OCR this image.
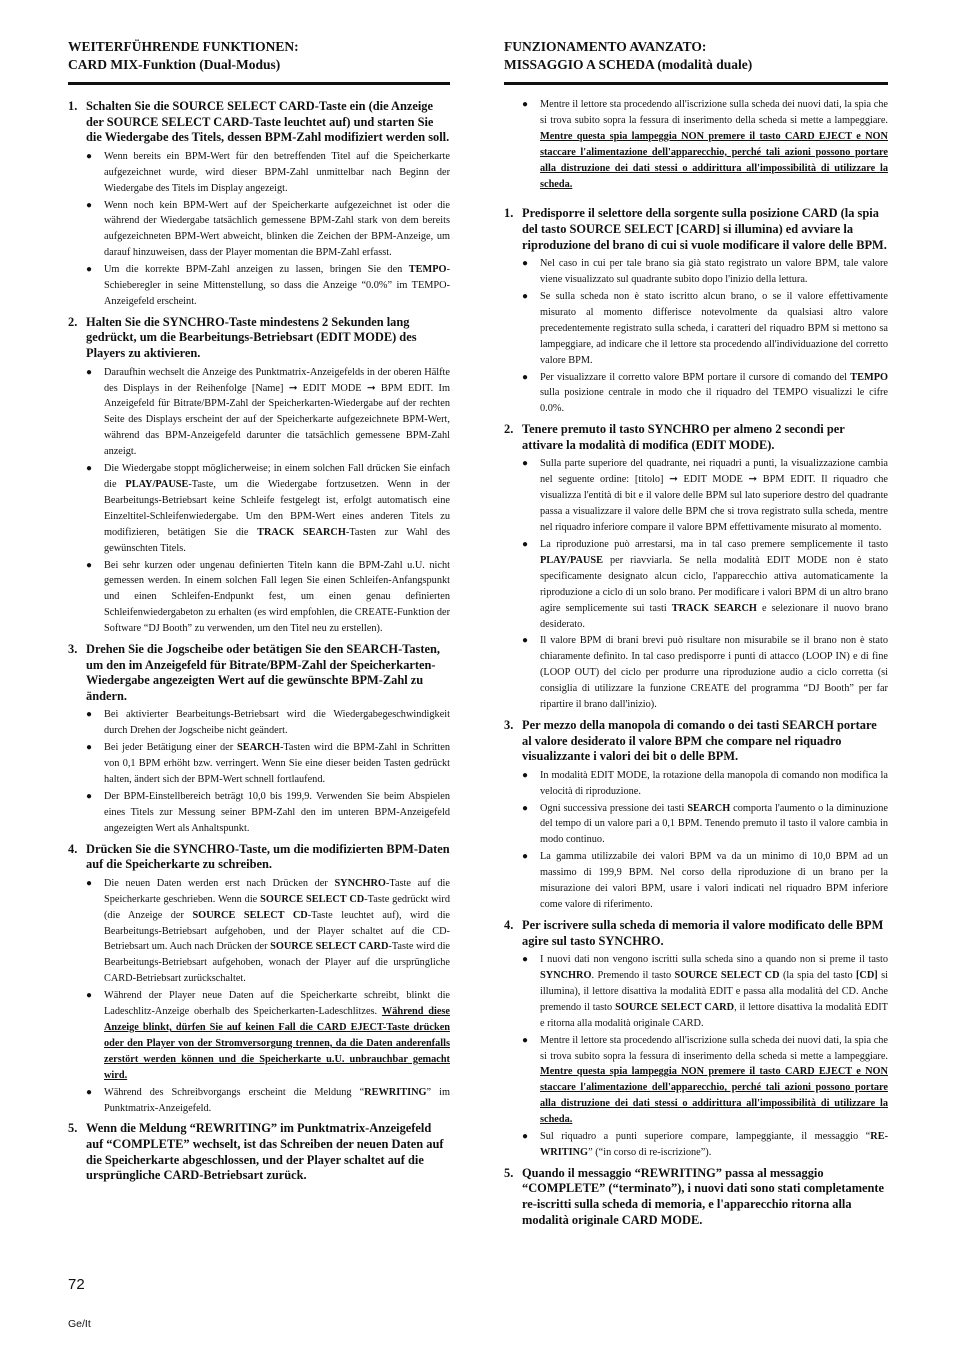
WEITERFÜHRENDE FUNKTIONEN:
CARD MIX-Funktion (Dual-Modus)
1. Schalten Sie die SOURCE SELECT CARD-Taste ein (die Anzeige der SOURCE SELECT CARD-Taste leuchtet auf) und starten Sie die Wiedergabe des Titels, dessen BPM-Zahl modifiziert werden soll.
●	Wenn bereits ein BPM-Wert für den betreffenden Titel auf die Speicherkarte aufgezeichnet wurde, wird dieser BPM-Zahl unmittelbar nach Beginn der Wiedergabe des Titels im Display angezeigt.
●	Wenn noch kein BPM-Wert auf der Speicherkarte aufgezeichnet ist oder die während der Wiedergabe tatsächlich gemessene BPM-Zahl stark von dem bereits aufgezeichneten BPM-Wert abweicht, blinken die Zeichen der BPM-Anzeige, um darauf hinzuweisen, dass der Player momentan die BPM-Zahl erfasst.
●	Um die korrekte BPM-Zahl anzeigen zu lassen, bringen Sie den TEMPO-Schieberegler in seine Mittenstellung, so dass die Anzeige “0.0%” im TEMPO-Anzeigefeld erscheint.
2. Halten Sie die SYNCHRO-Taste mindestens 2 Sekunden lang gedrückt, um die Bearbeitungs-Betriebsart (EDIT MODE) des Players zu aktivieren.
●	Daraufhin wechselt die Anzeige des Punktmatrix-Anzeigefelds in der oberen Hälfte des Displays in der Reihenfolge [Name] ➞ EDIT MODE ➞ BPM EDIT. Im Anzeigefeld für Bitrate/BPM-Zahl der Speicherkarten-Wiedergabe auf der rechten Seite des Displays erscheint der auf der Speicherkarte aufgezeichnete BPM-Wert, während das BPM-Anzeigefeld darunter die tatsächlich gemessene BPM-Zahl anzeigt.
●	Die Wiedergabe stoppt möglicherweise; in einem solchen Fall drücken Sie einfach die PLAY/PAUSE-Taste, um die Wiedergabe fortzusetzen. Wenn in der Bearbeitungs-Betriebsart keine Schleife festgelegt ist, erfolgt automatisch eine Einzeltitel-Schleifenwiedergabe. Um den BPM-Wert eines anderen Titels zu modifizieren, betätigen Sie die TRACK SEARCH-Tasten zur Wahl des gewünschten Titels.
●	Bei sehr kurzen oder ungenau definierten Titeln kann die BPM-Zahl u.U. nicht gemessen werden. In einem solchen Fall legen Sie einen Schleifen-Anfangspunkt und einen Schleifen-Endpunkt fest, um einen genau definierten Schleifenwiedergabeton zu erhalten (es wird empfohlen, die CREATE-Funktion der Software “DJ Booth” zu verwenden, um den Titel neu zu erstellen).
3. Drehen Sie die Jogscheibe oder betätigen Sie den SEARCH-Tasten, um den im Anzeigefeld für Bitrate/BPM-Zahl der Speicherkarten-Wiedergabe angezeigten Wert auf die gewünschte BPM-Zahl zu ändern.
●	Bei aktivierter Bearbeitungs-Betriebsart wird die Wiedergabegeschwindigkeit durch Drehen der Jogscheibe nicht geändert.
●	Bei jeder Betätigung einer der SEARCH-Tasten wird die BPM-Zahl in Schritten von 0,1 BPM erhöht bzw. verringert. Wenn Sie eine dieser beiden Tasten gedrückt halten, ändert sich der BPM-Wert schnell fortlaufend.
●	Der BPM-Einstellbereich beträgt 10,0 bis 199,9. Verwenden Sie beim Abspielen eines Titels zur Messung seiner BPM-Zahl den im unteren BPM-Anzeigefeld angezeigten Wert als Anhaltspunkt.
4. Drücken Sie die SYNCHRO-Taste, um die modifizierten BPM-Daten auf die Speicherkarte zu schreiben.
●	Die neuen Daten werden erst nach Drücken der SYNCHRO-Taste auf die Speicherkarte geschrieben. Wenn die SOURCE SELECT CD-Taste gedrückt wird (die Anzeige der SOURCE SELECT CD-Taste leuchtet auf), wird die Bearbeitungs-Betriebsart aufgehoben, und der Player schaltet auf die CD-Betriebsart um. Auch nach Drücken der SOURCE SELECT CARD-Taste wird die Bearbeitungs-Betriebsart aufgehoben, wonach der Player auf die ursprüngliche CARD-Betriebsart zurückschaltet.
●	Während der Player neue Daten auf die Speicherkarte schreibt, blinkt die Ladeschlitz-Anzeige oberhalb des Speicherkarten-Ladeschlitzes. Während diese Anzeige blinkt, dürfen Sie auf keinen Fall die CARD EJECT-Taste drücken oder den Player von der Stromversorgung trennen, da die Daten anderenfalls zerstört werden können und die Speicherkarte u.U. unbrauchbar gemacht wird.
●	Während des Schreibvorgangs erscheint die Meldung “REWRITING” im Punktmatrix-Anzeigefeld.
5. Wenn die Meldung “REWRITING” im Punktmatrix-Anzeigefeld auf “COMPLETE” wechselt, ist das Schreiben der neuen Daten auf die Speicherkarte abgeschlossen, und der Player schaltet auf die ursprüngliche CARD-Betriebsart zurück.
FUNZIONAMENTO AVANZATO:
MISSAGGIO A SCHEDA (modalità duale)
●	Mentre il lettore sta procedendo all'iscrizione sulla scheda dei nuovi dati, la spia che si trova subito sopra la fessura di inserimento della scheda si mette a lampeggiare. Mentre questa spia lampeggia NON premere il tasto CARD EJECT e NON staccare l'alimentazione dell'apparecchio, perché tali azioni possono portare alla distruzione dei dati stessi o addirittura all'impossibilità di utilizzare la scheda.
1. Predisporre il selettore della sorgente sulla posizione CARD (la spia del tasto SOURCE SELECT [CARD] si illumina) ed avviare la riproduzione del brano di cui si vuole modificare il valore delle BPM.
●	Nel caso in cui per tale brano sia già stato registrato un valore BPM, tale valore viene visualizzato sul quadrante subito dopo l'inizio della lettura.
●	Se sulla scheda non è stato iscritto alcun brano, o se il valore effettivamente misurato al momento differisce notevolmente da qualsiasi altro valore precedentemente registrato sulla scheda, i caratteri del riquadro BPM si mettono sa lampeggiare, ad indicare che il lettore sta procedendo all'individuazione del corretto valore BPM.
●	Per visualizzare il corretto valore BPM portare il cursore di comando del TEMPO sulla posizione centrale in modo che il riquadro del TEMPO visualizzi le cifre 0.0%.
2. Tenere premuto il tasto SYNCHRO per almeno 2 secondi per attivare la modalità di modifica (EDIT MODE).
●	Sulla parte superiore del quadrante, nei riquadri a punti, la visualizzazione cambia nel seguente ordine: [titolo] ➞ EDIT MODE ➞ BPM EDIT. Il riquadro che visualizza l'entità di bit e il valore delle BPM sul lato superiore destro del quadrante passa a visualizzare il valore delle BPM che si trova registrato sulla scheda, mentre nel riquadro inferiore compare il valore BPM effettivamente misurato al momento.
●	La riproduzione può arrestarsi, ma in tal caso premere semplicemente il tasto PLAY/PAUSE per riavviarla. Se nella modalità EDIT MODE non è stato specificamente designato alcun ciclo, l'apparecchio attiva automaticamente la riproduzione a ciclo di un solo brano. Per modificare i valori BPM di un altro brano agire semplicemente sui tasti TRACK SEARCH e selezionare il nuovo brano desiderato.
●	Il valore BPM di brani brevi può risultare non misurabile se il brano non è stato chiaramente definito. In tal caso predisporre i punti di attacco (LOOP IN) e di fine (LOOP OUT) del ciclo per produrre una riproduzione audio a ciclo corretta (si consiglia di utilizzare la funzione CREATE del programma “DJ Booth” per far ripartire il brano dall'inizio).
3. Per mezzo della manopola di comando o dei tasti SEARCH portare al valore desiderato il valore BPM che compare nel riquadro visualizzante i valori dei bit o delle BPM.
●	In modalità EDIT MODE, la rotazione della manopola di comando non modifica la velocità di riproduzione.
●	Ogni successiva pressione dei tasti SEARCH comporta l'aumento o la diminuzione del tempo di un valore pari a 0,1 BPM. Tenendo premuto il tasto il valore cambia in modo continuo.
●	La gamma utilizzabile dei valori BPM va da un minimo di 10,0 BPM ad un massimo di 199,9 BPM. Nel corso della riproduzione di un brano per la misurazione dei valori BPM, usare i valori indicati nel riquadro BPM inferiore come valore di riferimento.
4. Per iscrivere sulla scheda di memoria il valore modificato delle BPM agire sul tasto SYNCHRO.
●	I nuovi dati non vengono iscritti sulla scheda sino a quando non si preme il tasto SYNCHRO. Premendo il tasto SOURCE SELECT CD (la spia del tasto [CD] si illumina), il lettore disattiva la modalità EDIT e passa alla modalità del CD. Anche premendo il tasto SOURCE SELECT CARD, il lettore disattiva la modalità EDIT e ritorna alla modalità originale CARD.
●	Mentre il lettore sta procedendo all'iscrizione sulla scheda dei nuovi dati, la spia che si trova subito sopra la fessura di inserimento della scheda si mette a lampeggiare. Mentre questa spia lampeggia NON premere il tasto CARD EJECT e NON staccare l'alimentazione dell'apparecchio, perché tali azioni possono portare alla distruzione dei dati stessi o addirittura all'impossibilità di utilizzare la scheda.
●	Sul riquadro a punti superiore compare, lampeggiante, il messaggio “RE-WRITING” (“in corso di re-iscrizione”).
5. Quando il messaggio “REWRITING” passa al messaggio “COMPLETE” (“terminato”), i nuovi dati sono stati completamente re-iscritti sulla scheda di memoria, e l'apparecchio ritorna alla modalità originale CARD MODE.
72
Ge/It
